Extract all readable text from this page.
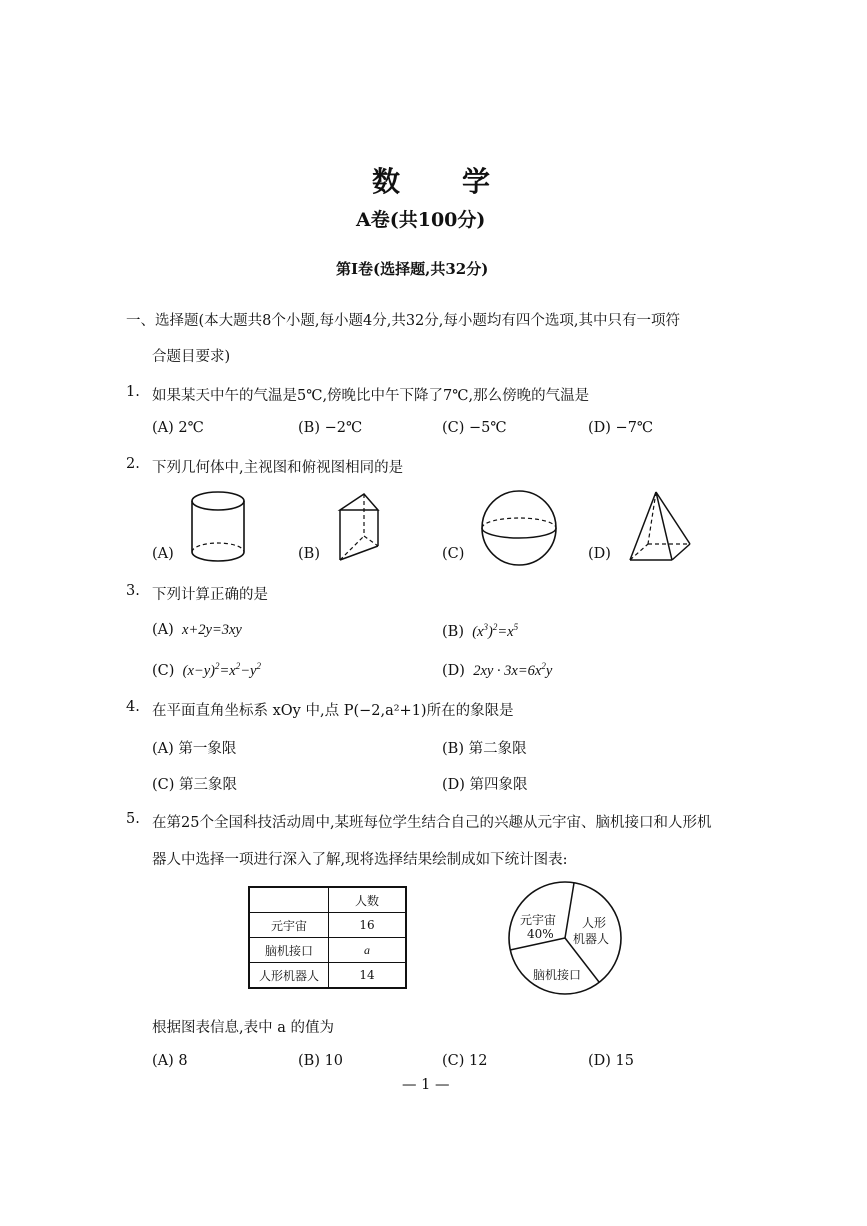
数　　学
A卷(共100分)
第Ⅰ卷(选择题,共32分)
一、选择题(本大题共8个小题,每小题4分,共32分,每小题均有四个选项,其中只有一项符
合题目要求)
1. 如果某天中午的气温是5℃,傍晚比中午下降了7℃,那么傍晚的气温是
(A) 2℃	(B) −2℃	(C) −5℃	(D) −7℃
2. 下列几何体中,主视图和俯视图相同的是
(A)	(B)	(C)	(D)
3. 下列计算正确的是
(A)  x+2y=3xy	(B)  $(x^3)^2=x^5$
(C)  $(x-y)^2=x^2-y^2$	(D)  $2xy \cdot 3x=6x^2y$
4. 在平面直角坐标系 xOy 中,点 P(−2,a²+1)所在的象限是
(A) 第一象限	(B) 第二象限
(C) 第三象限	(D) 第四象限
5. 在第25个全国科技活动周中,某班每位学生结合自己的兴趣从元宇宙、脑机接口和人形机
器人中选择一项进行深入了解,现将选择结果绘制成如下统计图表:
	人数
元宇宙	16
脑机接口	a
人形机器人	14
元宇宙
40%
人形
机器人
脑机接口
根据图表信息,表中 a 的值为
(A) 8	(B) 10	(C) 12	(D) 15
— 1 —
